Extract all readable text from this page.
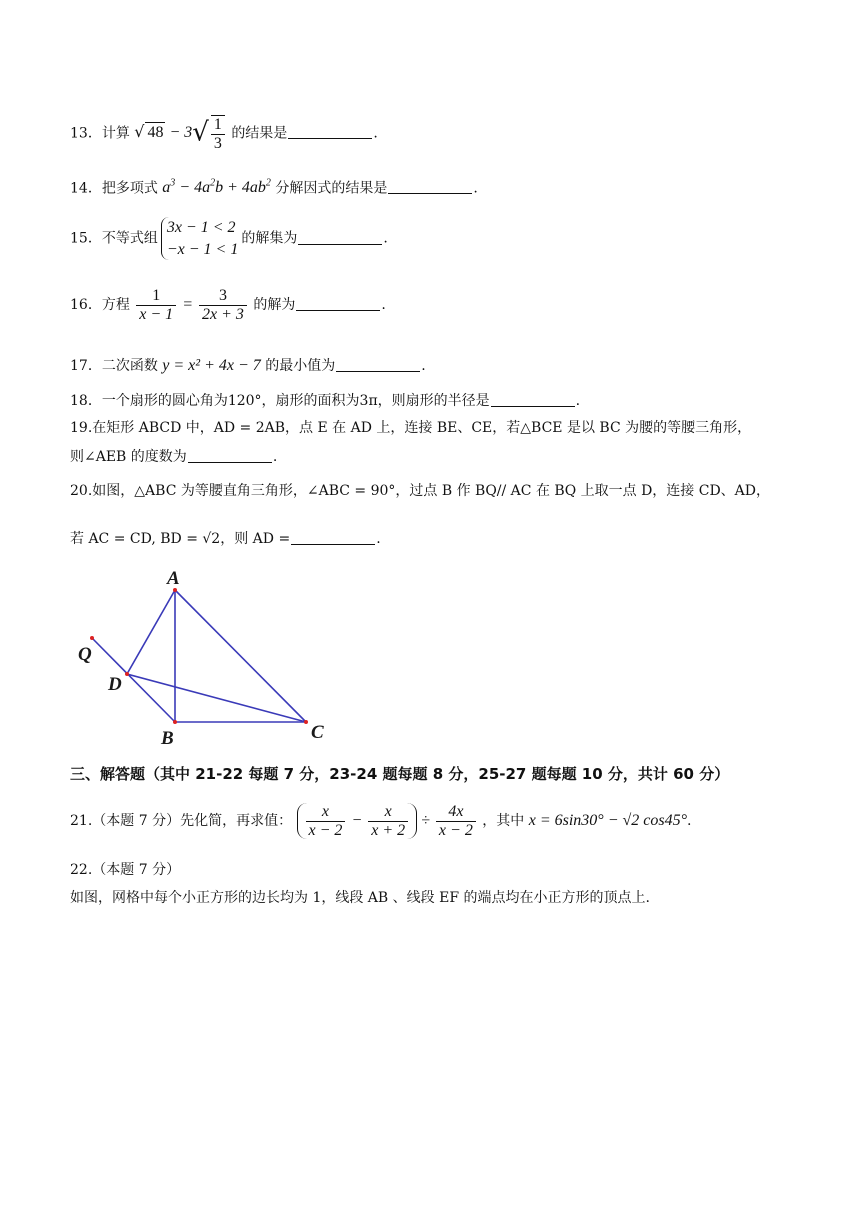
13．计算 √ $48 - 3√ \frac{1}{3}$ 的结果是	.
14．把多项式 $a^3 - 4a^2b + 4ab^2$ 分解因式的结果是	.
15．不等式组
3x − 1 < 2
−x − 1 < 1
的解集为	.
16．方程 $\frac{1}{x - 1} = \frac{3}{2x + 3}$ 的解为	.
17．二次函数 y = x² + 4x − 7 的最小值为	.
18．一个扇形的圆心角为120°，扇形的面积为3π，则扇形的半径是	.
19.在矩形 ABCD 中，AD = 2AB，点 E 在 AD 上，连接 BE、CE，若△BCE 是以 BC 为腰的等腰三角形，
则∠AEB 的度数为	.
20.如图，△ABC 为等腰直角三角形，∠ABC = 90°，过点 B 作 BQ// AC 在 BQ 上取一点 D，连接 CD、AD，
若 AC = CD, BD = √2，则 AD =	.
A
B	C
D
Q
三、解答题（其中 21-22 每题 7 分，23-24 题每题 8 分，25-27 题每题 10 分，共计 60 分）
21.（本题 7 分）先化简，再求值： $\frac{x}{x - 2} - \frac{x}{x + 2} \div \frac{4x}{x - 2}$ ，其中 x = 6sin30° − √2 cos45°.
22.（本题 7 分）
如图，网格中每个小正方形的边长均为 1，线段 AB 、线段 EF 的端点均在小正方形的顶点上.
